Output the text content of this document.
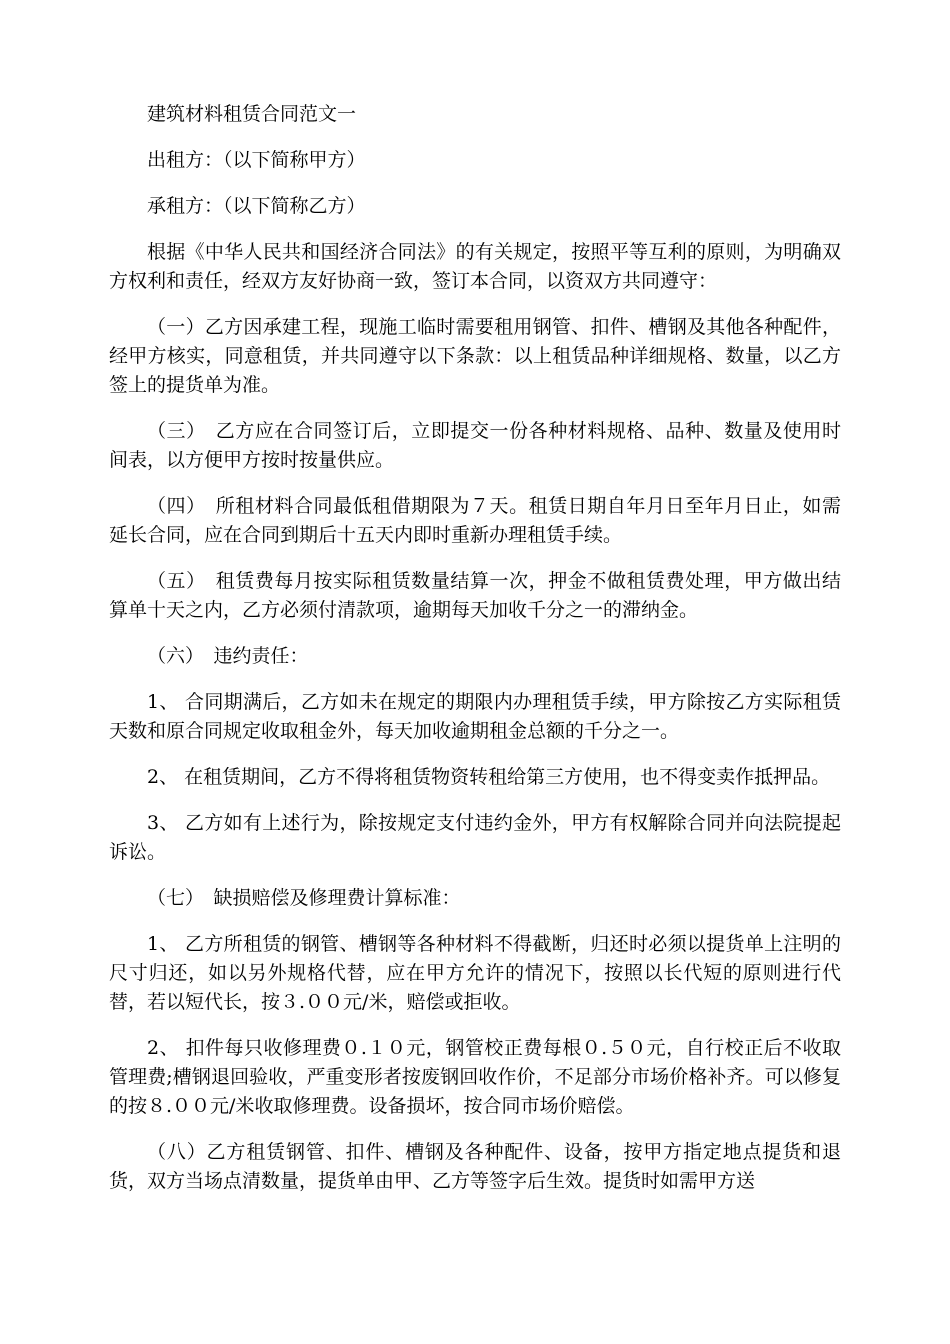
建筑材料租赁合同范文一

出租方：（以下简称甲方）

承租方：（以下简称乙方）

根据《中华人民共和国经济合同法》的有关规定，按照平等互利的原则，为明确双方权利和责任，经双方友好协商一致，签订本合同，以资双方共同遵守：

（一）乙方因承建工程，现施工临时需要租用钢管、扣件、槽钢及其他各种配件，经甲方核实，同意租赁，并共同遵守以下条款：以上租赁品种详细规格、数量，以乙方签上的提货单为准。

（三）　乙方应在合同签订后，立即提交一份各种材料规格、品种、数量及使用时 间表，以方便甲方按时按量供应。

（四）　所租材料合同最低租借期限为７天。租赁日期自年月日至年月日止，如需 延长合同，应在合同到期后十五天内即时重新办理租赁手续。

（五）　租赁费每月按实际租赁数量结算一次，押金不做租赁费处理，甲方做出结 算单十天之内，乙方必须付清款项，逾期每天加收千分之一的滞纳金。

（六）　违约责任：

1、 合同期满后，乙方如未在规定的期限内办理租赁手续，甲方除按乙方实际租赁天数和原合同规定收取租金外，每天加收逾期租金总额的千分之一。

2、 在租赁期间，乙方不得将租赁物资转租给第三方使用，也不得变卖作抵押品。

3、 乙方如有上述行为，除按规定支付违约金外，甲方有权解除合同并向法院提起诉讼。

（七）　缺损赔偿及修理费计算标准：

1、 乙方所租赁的钢管、槽钢等各种材料不得截断，归还时必须以提货单上注明的尺寸归还，如以另外规格代替，应在甲方允许的情况下，按照以长代短的原则进行代替，若以短代长，按３.００元/米，赔偿或拒收。

2、 扣件每只收修理费０.１０元，钢管校正费每根０.５０元，自行校正后不收取管理费;槽钢退回验收，严重变形者按废钢回收作价，不足部分市场价格补齐。可以修复的按８.００元/米收取修理费。设备损坏，按合同市场价赔偿。

（八）乙方租赁钢管、扣件、槽钢及各种配件、设备，按甲方指定地点提货和退 货，双方当场点清数量，提货单由甲、乙方等签字后生效。提货时如需甲方送
